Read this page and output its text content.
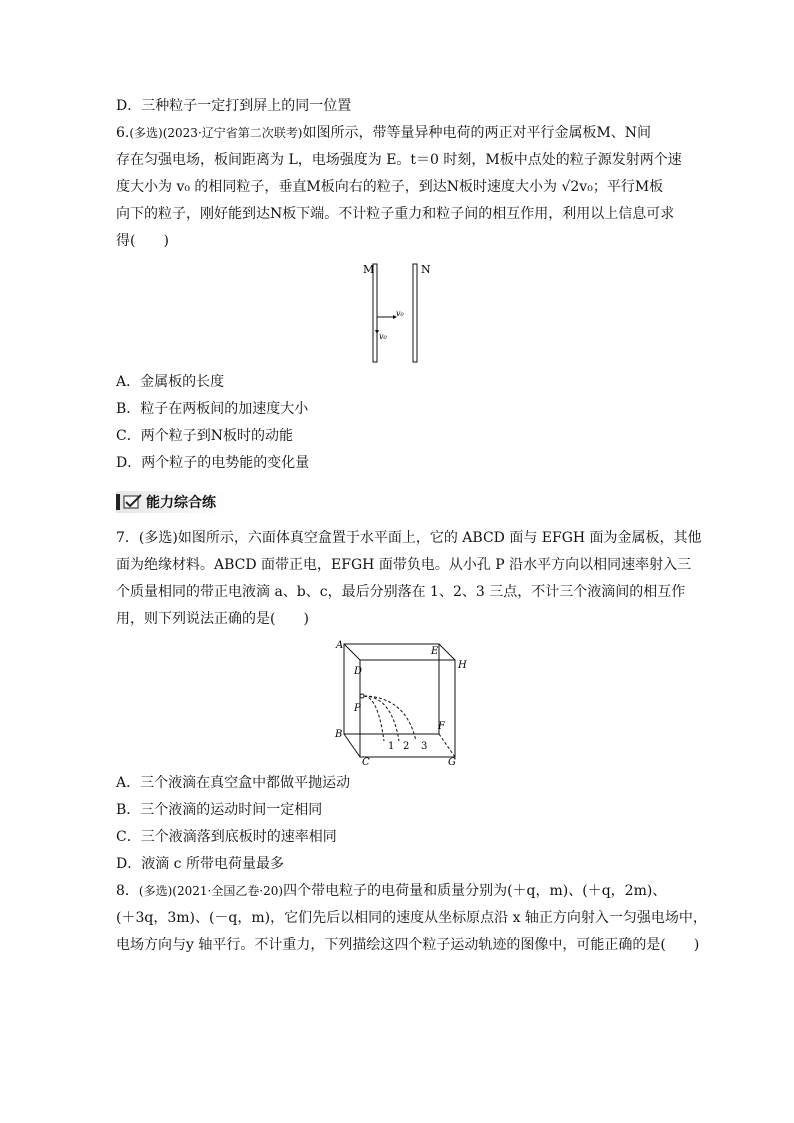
D．三种粒子一定打到屏上的同一位置
6.(多选)(2023·辽宁省第二次联考)如图所示，带等量异种电荷的两正对平行金属板M、N间
存在匀强电场，板间距离为 L，电场强度为 E。t＝0 时刻，M板中点处的粒子源发射两个速
度大小为 v₀ 的相同粒子，垂直M板向右的粒子，到达N板时速度大小为 √2v₀；平行M板
向下的粒子，刚好能到达N板下端。不计粒子重力和粒子间的相互作用，利用以上信息可求
得(　　)
M	N
v₀
v₀
A．金属板的长度
B．粒子在两板间的加速度大小
C．两个粒子到N板时的动能
D．两个粒子的电势能的变化量
能力综合练
7．(多选)如图所示，六面体真空盒置于水平面上，它的 ABCD 面与 EFGH 面为金属板，其他
面为绝缘材料。ABCD 面带正电，EFGH 面带负电。从小孔 P 沿水平方向以相同速率射入三
个质量相同的带正电液滴 a、b、c，最后分别落在 1、2、3 三点，不计三个液滴间的相互作
用，则下列说法正确的是(　　)
A
B
C
D
E
F
G
H
P
1 2 3
A．三个液滴在真空盒中都做平抛运动
B．三个液滴的运动时间一定相同
C．三个液滴落到底板时的速率相同
D．液滴 c 所带电荷量最多
8．(多选)(2021·全国乙卷·20)四个带电粒子的电荷量和质量分别为(＋q，m)、(＋q，2m)、
(＋3q，3m)、(－q，m)，它们先后以相同的速度从坐标原点沿 x 轴正方向射入一匀强电场中，
电场方向与y 轴平行。不计重力，下列描绘这四个粒子运动轨迹的图像中，可能正确的是(　　)
